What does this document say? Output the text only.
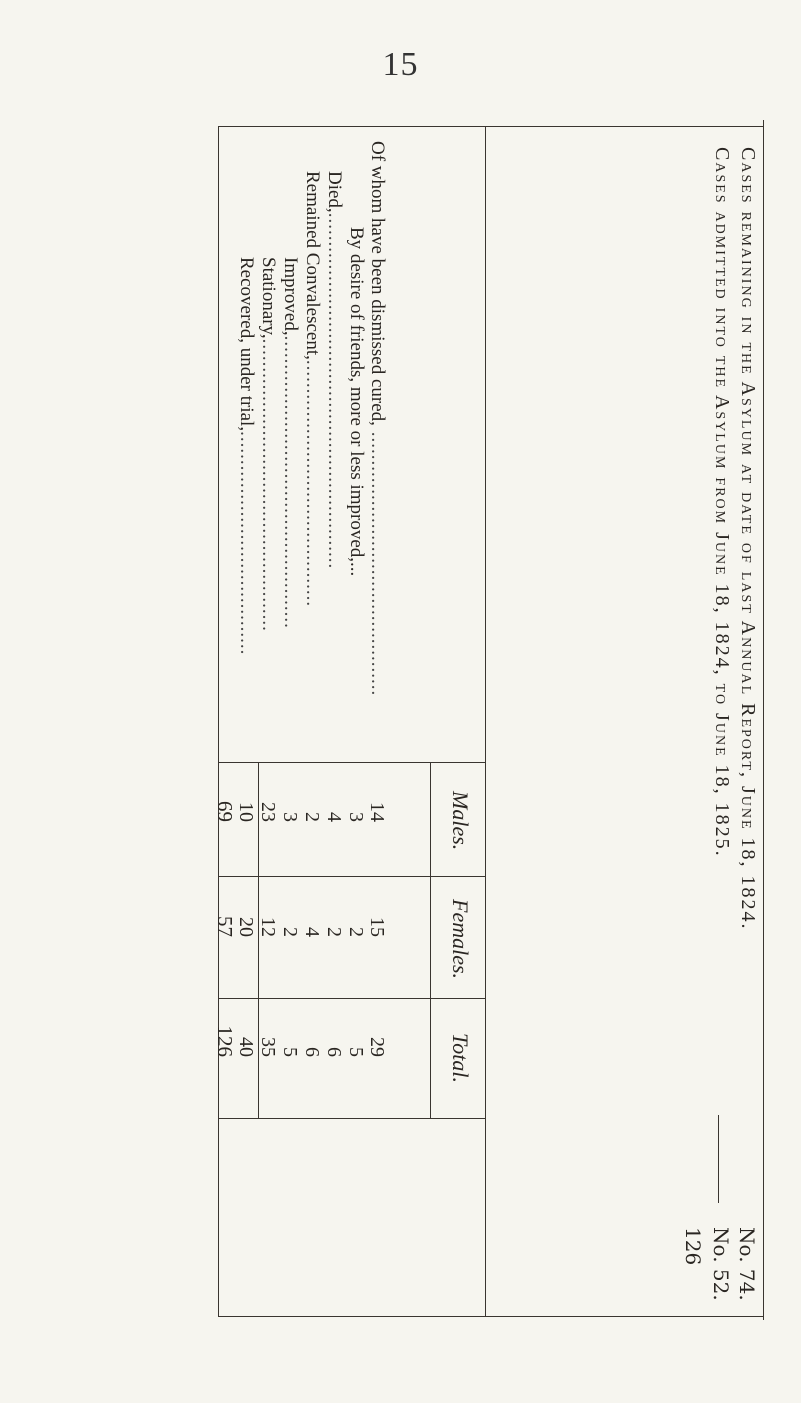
15
Cases remaining in the Asylum at date of last Annual Report, June 18, 1824.
No. 74.
Cases admitted into the Asylum from June 18, 1824, to June 18, 1825.
No. 52.
126
Males.
Females.
Total.
Of whom have been dismissed cured, ..............................................
By desire of friends, more or less improved,...
Died,..............................................................
Remained Convalescent,...........................................
Improved,...................................................
Stationary,...................................................
Recovered, under trial,.......................................
14
3
4
2
3
23
10
15
2
2
4
2
12
20
29
5
6
6
5
35
40
69
57
126
